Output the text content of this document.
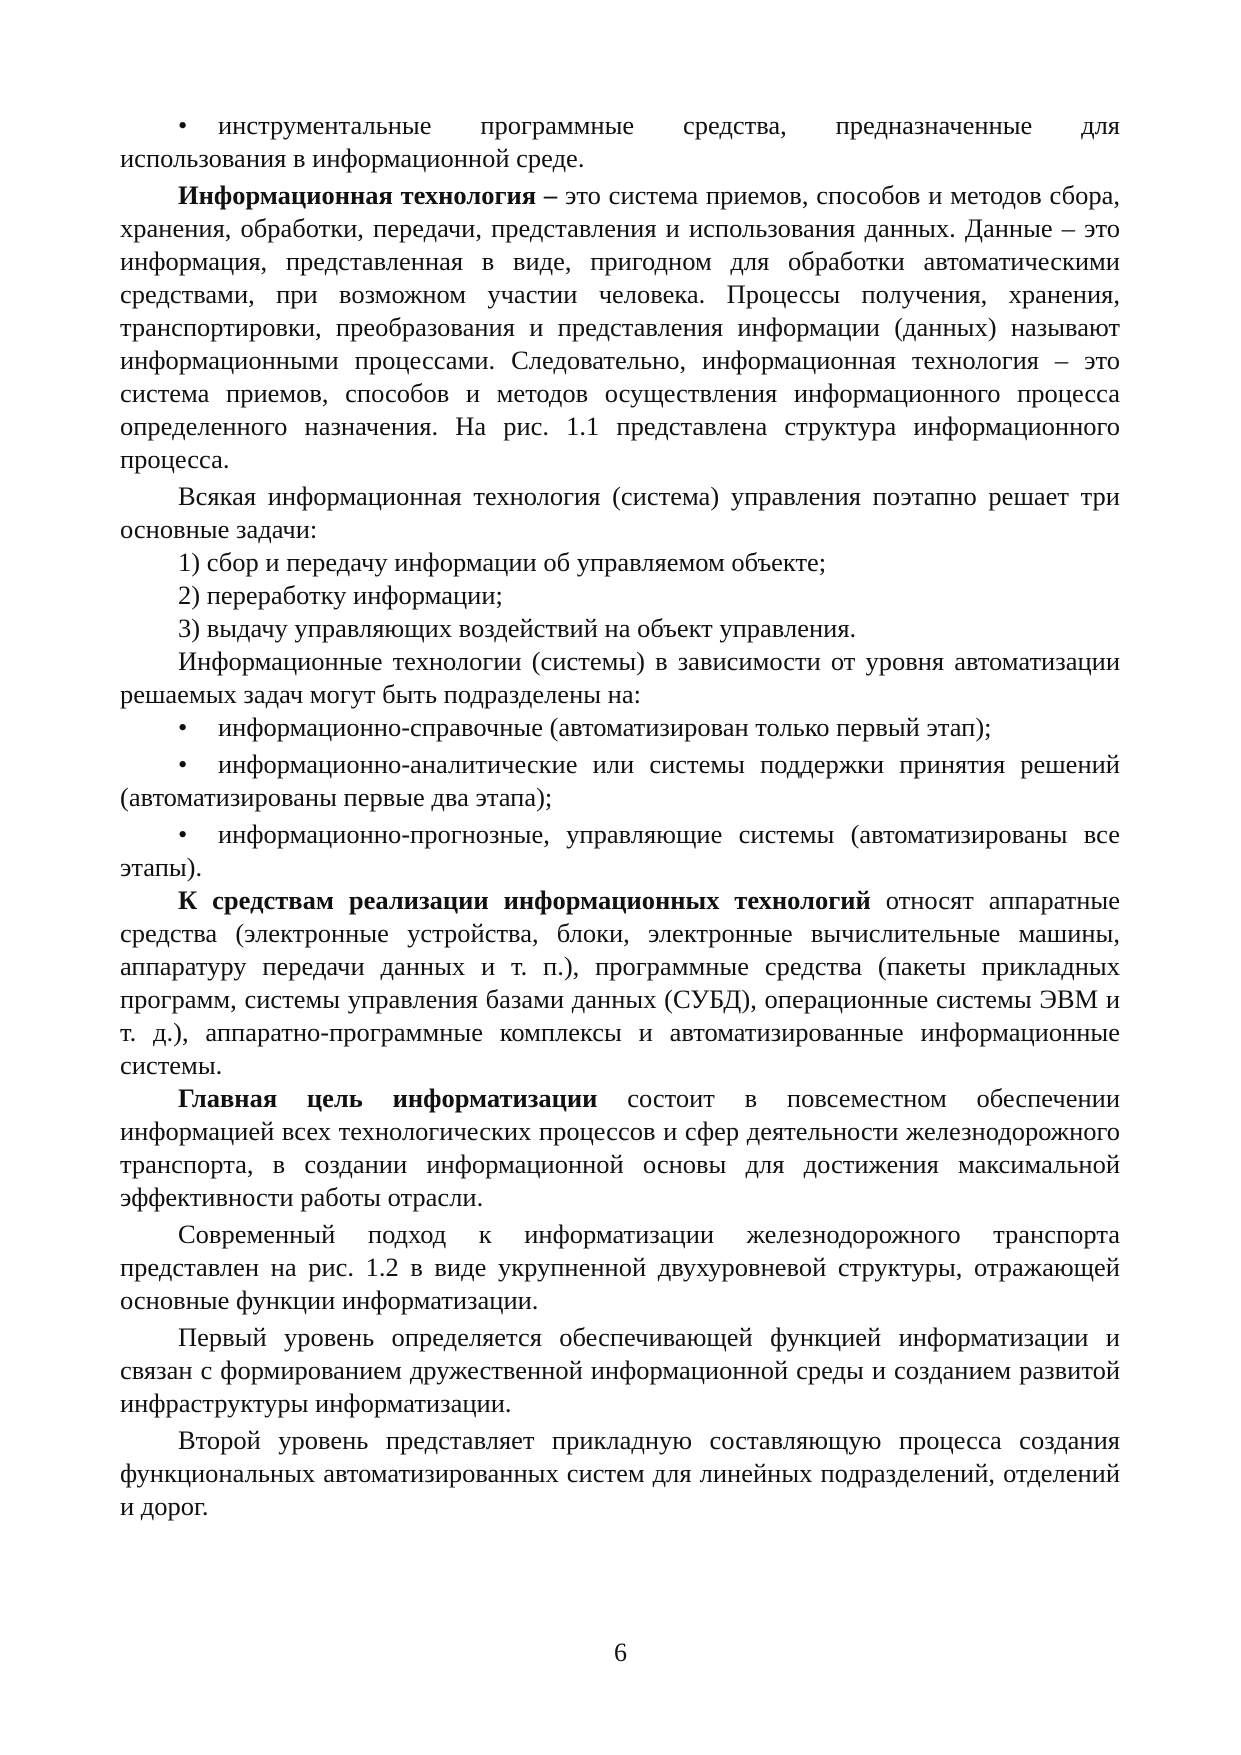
• инструментальные программные средства, предназначенные для использования в информационной среде.

Информационная технология – это система приемов, способов и методов сбора, хранения, обработки, передачи, представления и использования данных. Данные – это информация, представленная в виде, пригодном для обработки автоматическими средствами, при возможном участии человека. Процессы получения, хранения, транспортировки, преобразования и представления информации (данных) называют информационными процессами. Следовательно, информационная технология – это система приемов, способов и методов осуществления информационного процесса определенного назначения. На рис. 1.1 представлена структура информационного процесса.

Всякая информационная технология (система) управления поэтапно решает три основные задачи:

1) сбор и передачу информации об управляемом объекте;

2) переработку информации;

3) выдачу управляющих воздействий на объект управления.

Информационные технологии (системы) в зависимости от уровня автоматизации решаемых задач могут быть подразделены на:

• информационно-справочные (автоматизирован только первый этап);

• информационно-аналитические или системы поддержки принятия решений (автоматизированы первые два этапа);

• информационно-прогнозные, управляющие системы (автоматизированы все этапы).

К средствам реализации информационных технологий относят аппаратные средства (электронные устройства, блоки, электронные вычислительные машины, аппаратуру передачи данных и т. п.), программные средства (пакеты прикладных программ, системы управления базами данных (СУБД), операционные системы ЭВМ и т. д.), аппаратно-программные комплексы и автоматизированные информационные системы.

Главная цель информатизации состоит в повсеместном обеспечении информацией всех технологических процессов и сфер деятельности железнодорожного транспорта, в создании информационной основы для достижения максимальной эффективности работы отрасли.

Современный подход к информатизации железнодорожного транспорта представлен на рис. 1.2 в виде укрупненной двухуровневой структуры, отражающей основные функции информатизации.

Первый уровень определяется обеспечивающей функцией информатизации и связан с формированием дружественной информационной среды и созданием развитой инфраструктуры информатизации.

Второй уровень представляет прикладную составляющую процесса создания функциональных автоматизированных систем для линейных подразделений, отделений и дорог.

6
